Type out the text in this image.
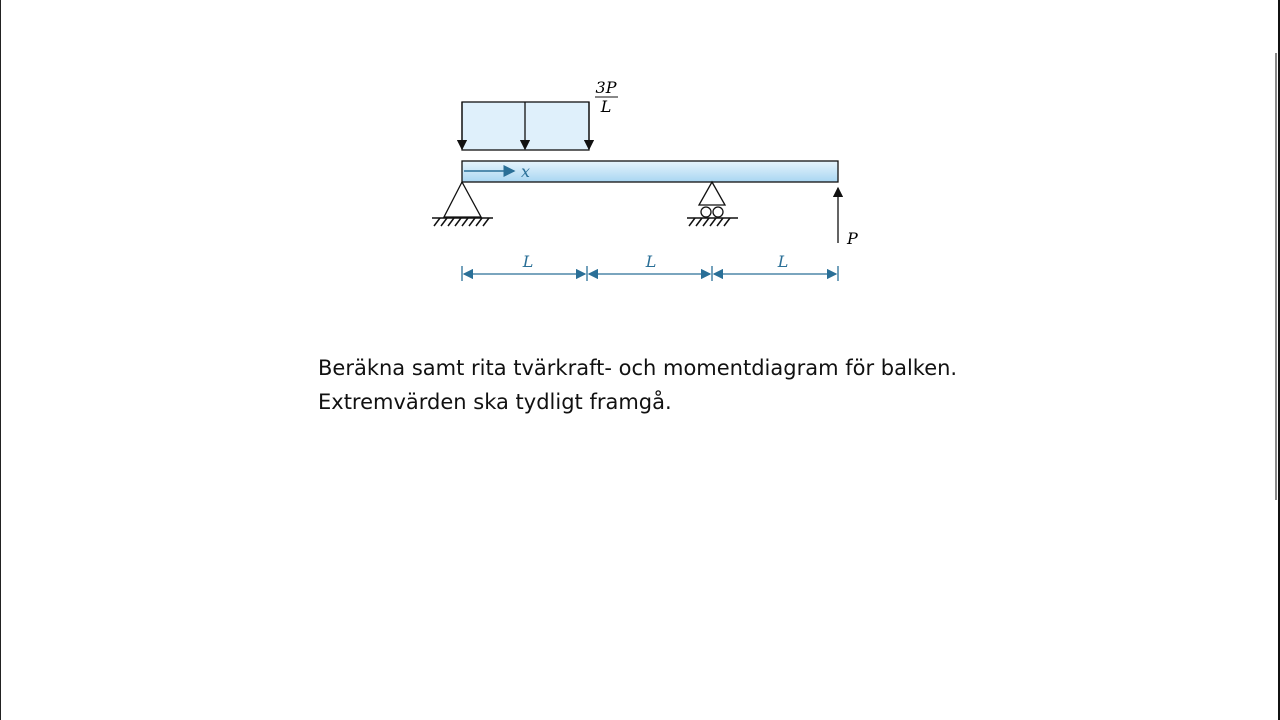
3P
L
x
P
L	L	L
Beräkna samt rita tvärkraft- och momentdiagram för balken.
Extremvärden ska tydligt framgå.
